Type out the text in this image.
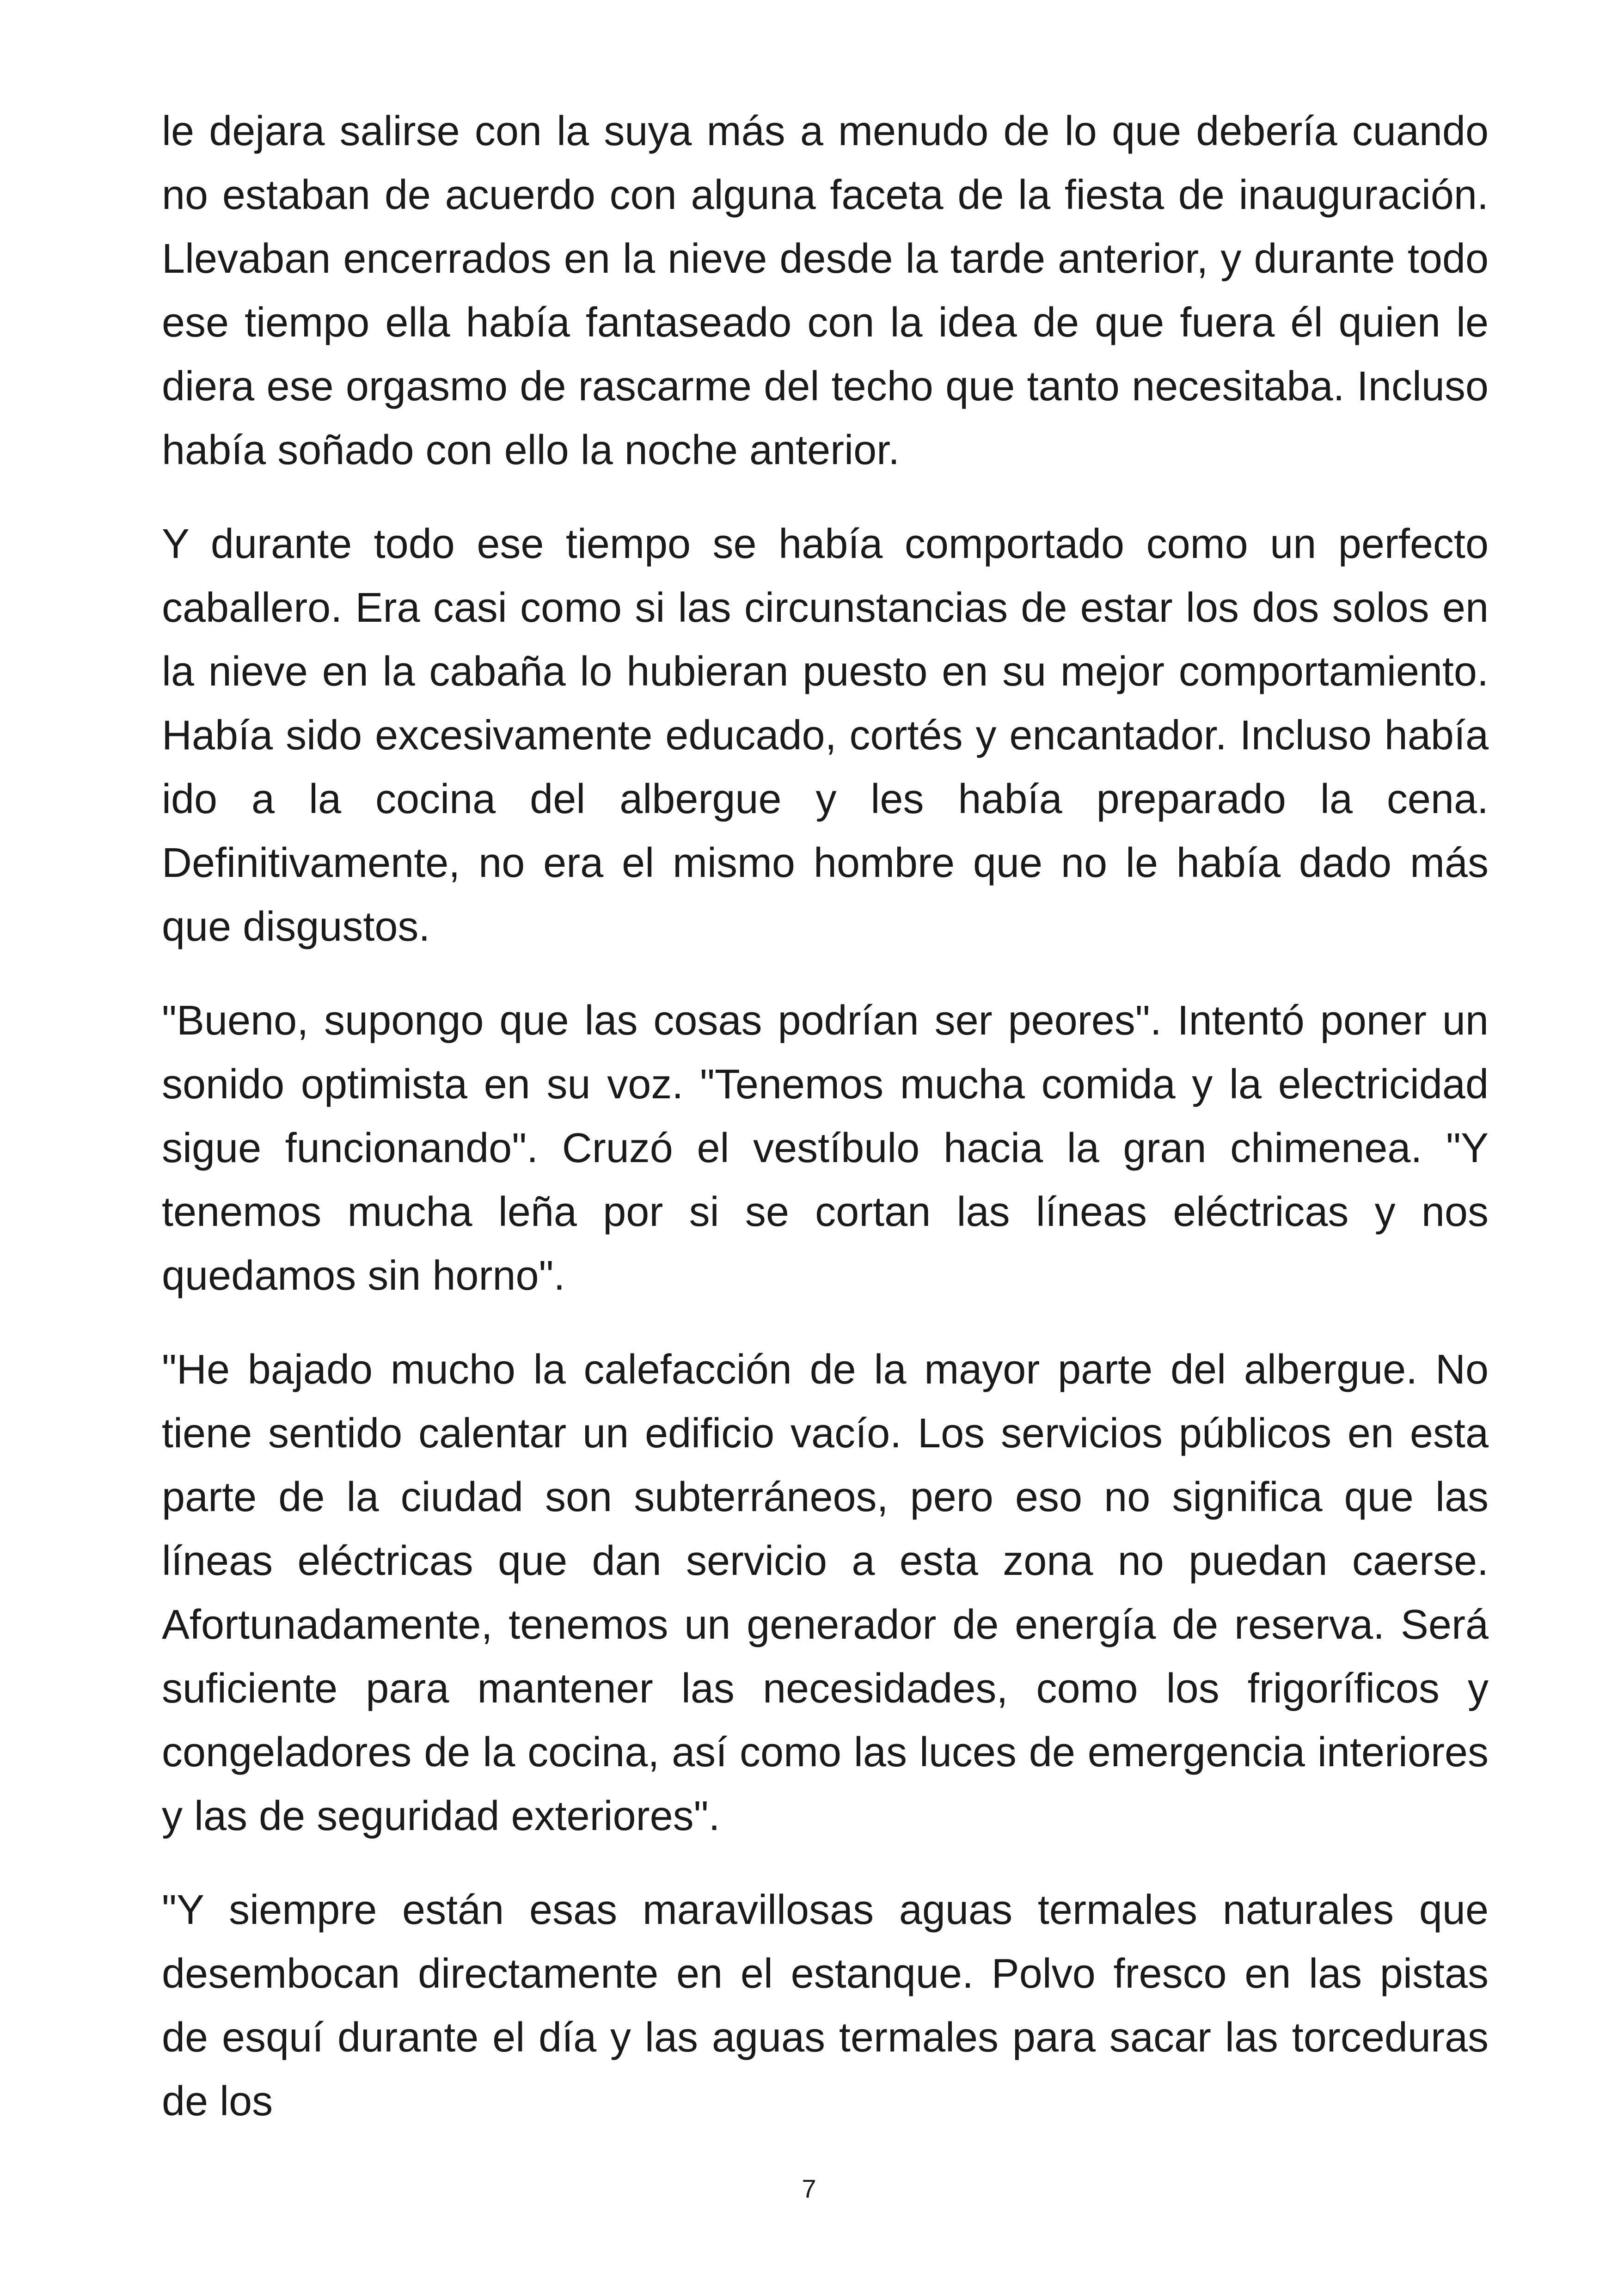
le dejara salirse con la suya más a menudo de lo que debería cuando no estaban de acuerdo con alguna faceta de la fiesta de inauguración. Llevaban encerrados en la nieve desde la tarde anterior, y durante todo ese tiempo ella había fantaseado con la idea de que fuera él quien le diera ese orgasmo de rascarme del techo que tanto necesitaba. Incluso había soñado con ello la noche anterior.

Y durante todo ese tiempo se había comportado como un perfecto caballero. Era casi como si las circunstancias de estar los dos solos en la nieve en la cabaña lo hubieran puesto en su mejor comportamiento. Había sido excesivamente educado, cortés y encantador. Incluso había ido a la cocina del albergue y les había preparado la cena. Definitivamente, no era el mismo hombre que no le había dado más que disgustos.

"Bueno, supongo que las cosas podrían ser peores". Intentó poner un sonido optimista en su voz. "Tenemos mucha comida y la electricidad sigue funcionando". Cruzó el vestíbulo hacia la gran chimenea. "Y tenemos mucha leña por si se cortan las líneas eléctricas y nos quedamos sin horno".

"He bajado mucho la calefacción de la mayor parte del albergue. No tiene sentido calentar un edificio vacío. Los servicios públicos en esta parte de la ciudad son subterráneos, pero eso no significa que las líneas eléctricas que dan servicio a esta zona no puedan caerse. Afortunadamente, tenemos un generador de energía de reserva. Será suficiente para mantener las necesidades, como los frigoríficos y congeladores de la cocina, así como las luces de emergencia interiores y las de seguridad exteriores".

"Y siempre están esas maravillosas aguas termales naturales que desembocan directamente en el estanque. Polvo fresco en las pistas de esquí durante el día y las aguas termales para sacar las torceduras de los

7
